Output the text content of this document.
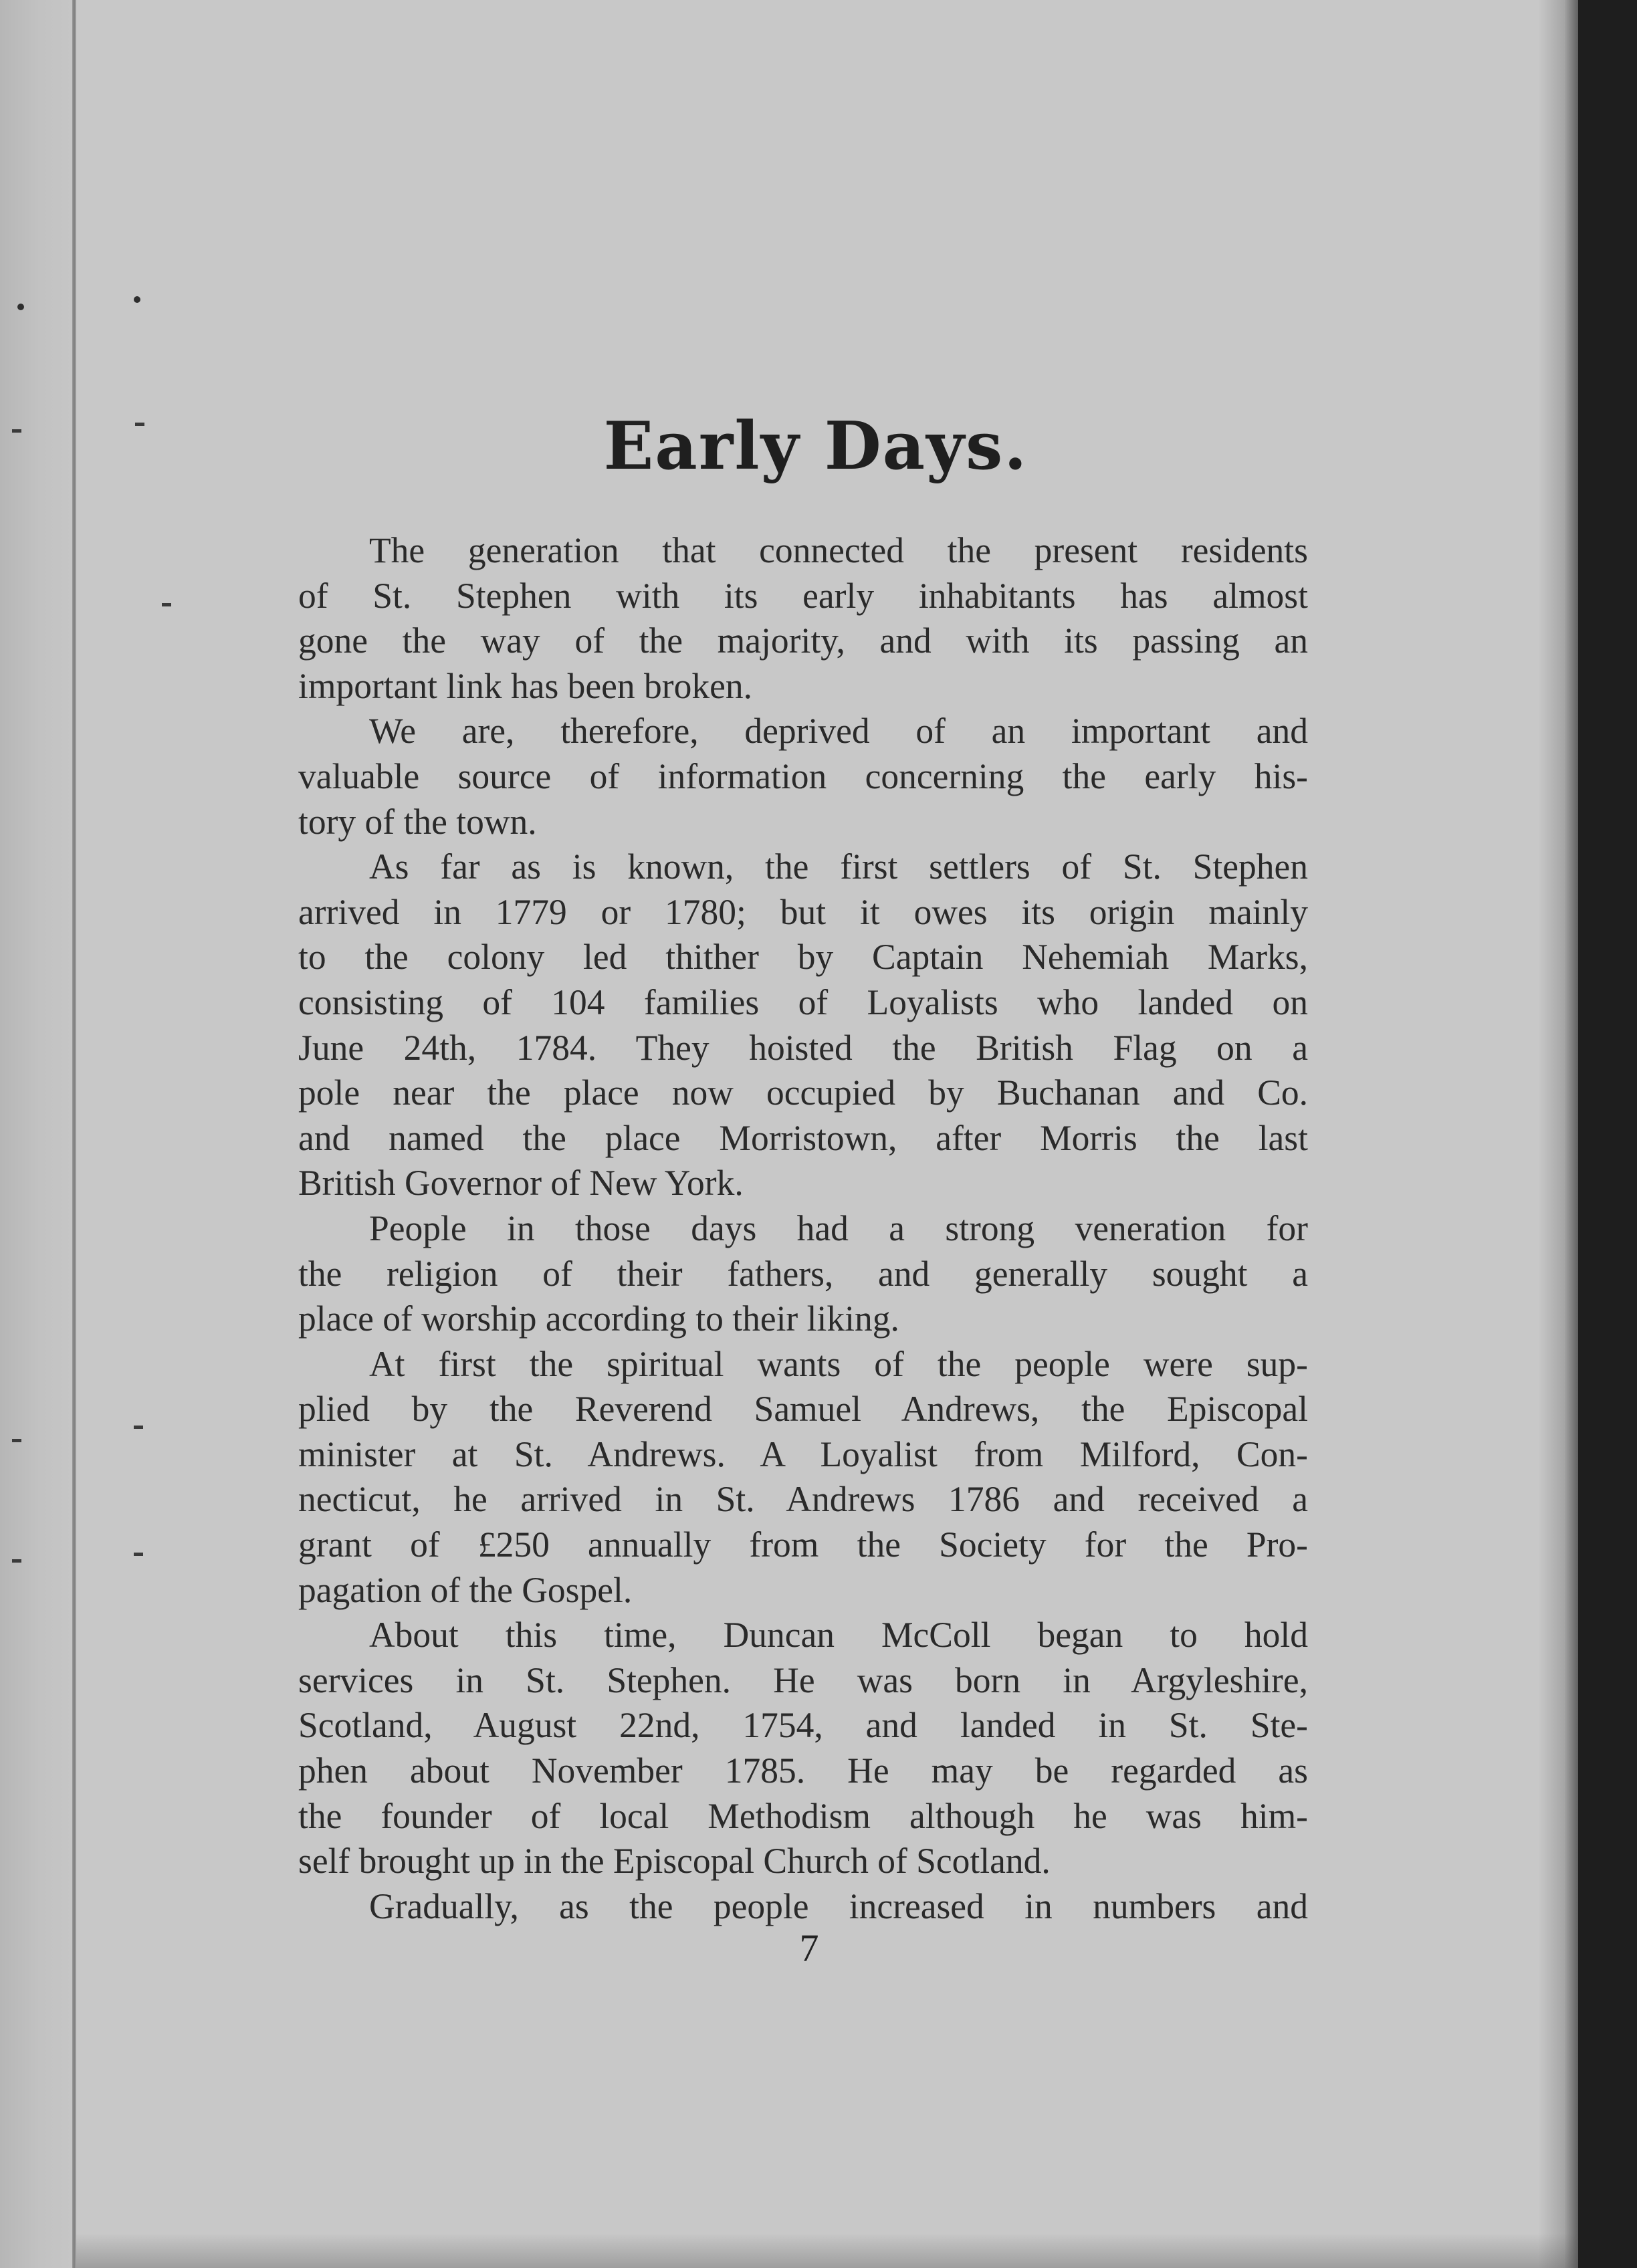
Early Days.
The generation that connected the present residents
of St. Stephen with its early inhabitants has almost
gone the way of the majority, and with its passing an
important link has been broken.
We are, therefore, deprived of an important and
valuable source of information concerning the early his-
tory of the town.
As far as is known, the first settlers of St. Stephen
arrived in 1779 or 1780; but it owes its origin mainly
to the colony led thither by Captain Nehemiah Marks,
consisting of 104 families of Loyalists who landed on
June 24th, 1784. They hoisted the British Flag on a
pole near the place now occupied by Buchanan and Co.
and named the place Morristown, after Morris the last
British Governor of New York.
People in those days had a strong veneration for
the religion of their fathers, and generally sought a
place of worship according to their liking.
At first the spiritual wants of the people were sup-
plied by the Reverend Samuel Andrews, the Episcopal
minister at St. Andrews. A Loyalist from Milford, Con-
necticut, he arrived in St. Andrews 1786 and received a
grant of £250 annually from the Society for the Pro-
pagation of the Gospel.
About this time, Duncan McColl began to hold
services in St. Stephen. He was born in Argyleshire,
Scotland, August 22nd, 1754, and landed in St. Ste-
phen about November 1785. He may be regarded as
the founder of local Methodism although he was him-
self brought up in the Episcopal Church of Scotland.
Gradually, as the people increased in numbers and
7
